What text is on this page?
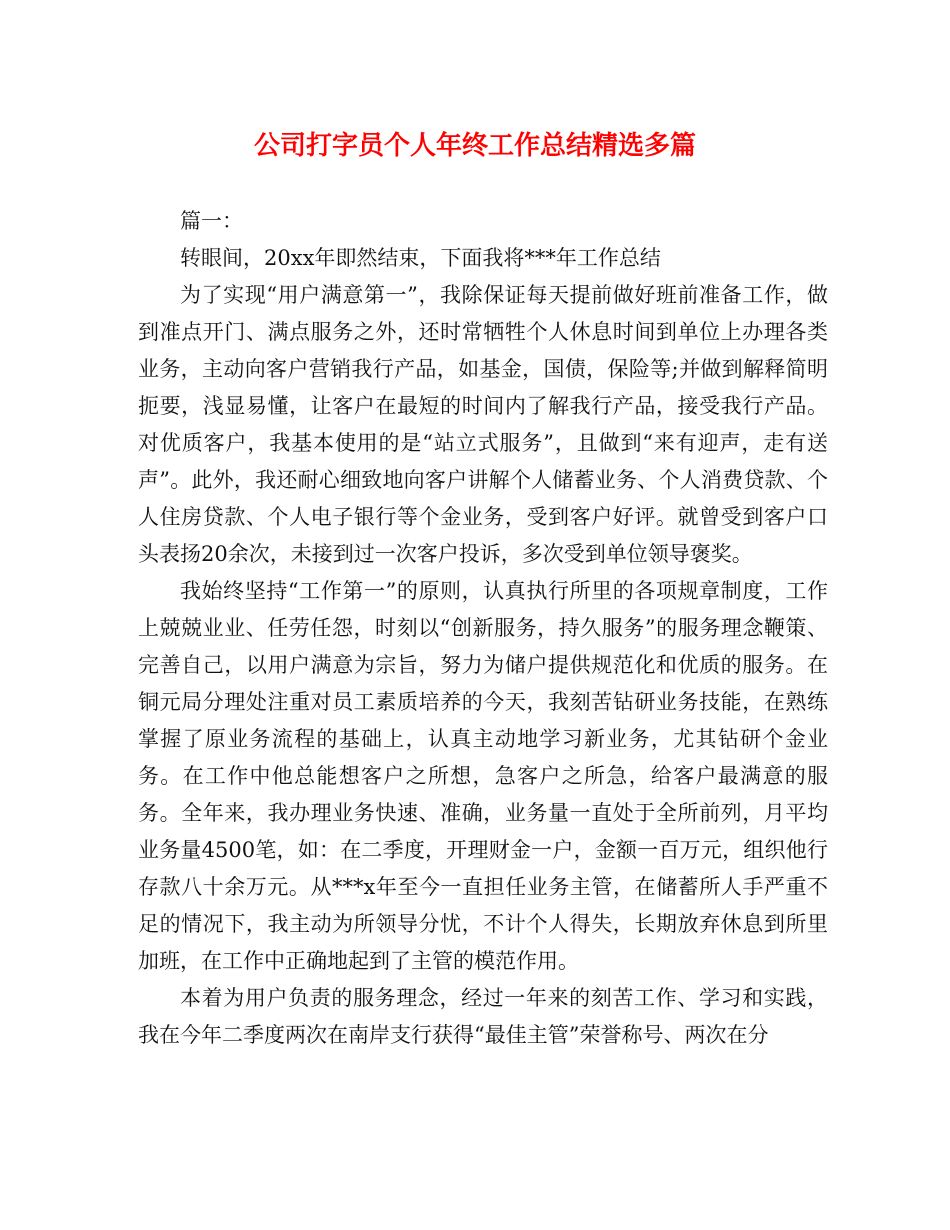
公司打字员个人年终工作总结精选多篇

篇一：

转眼间，20xx年即然结束，下面我将***年工作总结

为了实现“用户满意第一”，我除保证每天提前做好班前准备工作，做到准点开门、满点服务之外，还时常牺牲个人休息时间到单位上办理各类业务，主动向客户营销我行产品，如基金，国债，保险等;并做到解释简明扼要，浅显易懂，让客户在最短的时间内了解我行产品，接受我行产品。对优质客户，我基本使用的是“站立式服务”，且做到“来有迎声，走有送声”。此外，我还耐心细致地向客户讲解个人储蓄业务、个人消费贷款、个人住房贷款、个人电子银行等个金业务，受到客户好评。就曾受到客户口头表扬20余次，未接到过一次客户投诉，多次受到单位领导褒奖。

我始终坚持“工作第一”的原则，认真执行所里的各项规章制度，工作上兢兢业业、任劳任怨，时刻以“创新服务，持久服务”的服务理念鞭策、完善自己，以用户满意为宗旨，努力为储户提供规范化和优质的服务。在铜元局分理处注重对员工素质培养的今天，我刻苦钻研业务技能，在熟练掌握了原业务流程的基础上，认真主动地学习新业务，尤其钻研个金业务。在工作中他总能想客户之所想，急客户之所急，给客户最满意的服务。全年来，我办理业务快速、准确，业务量一直处于全所前列，月平均业务量4500笔，如：在二季度，开理财金一户，金额一百万元，组织他行存款八十余万元。从***x年至今一直担任业务主管，在储蓄所人手严重不足的情况下，我主动为所领导分忧，不计个人得失，长期放弃休息到所里加班，在工作中正确地起到了主管的模范作用。

本着为用户负责的服务理念，经过一年来的刻苦工作、学习和实践，我在今年二季度两次在南岸支行获得“最佳主管”荣誉称号、两次在分
